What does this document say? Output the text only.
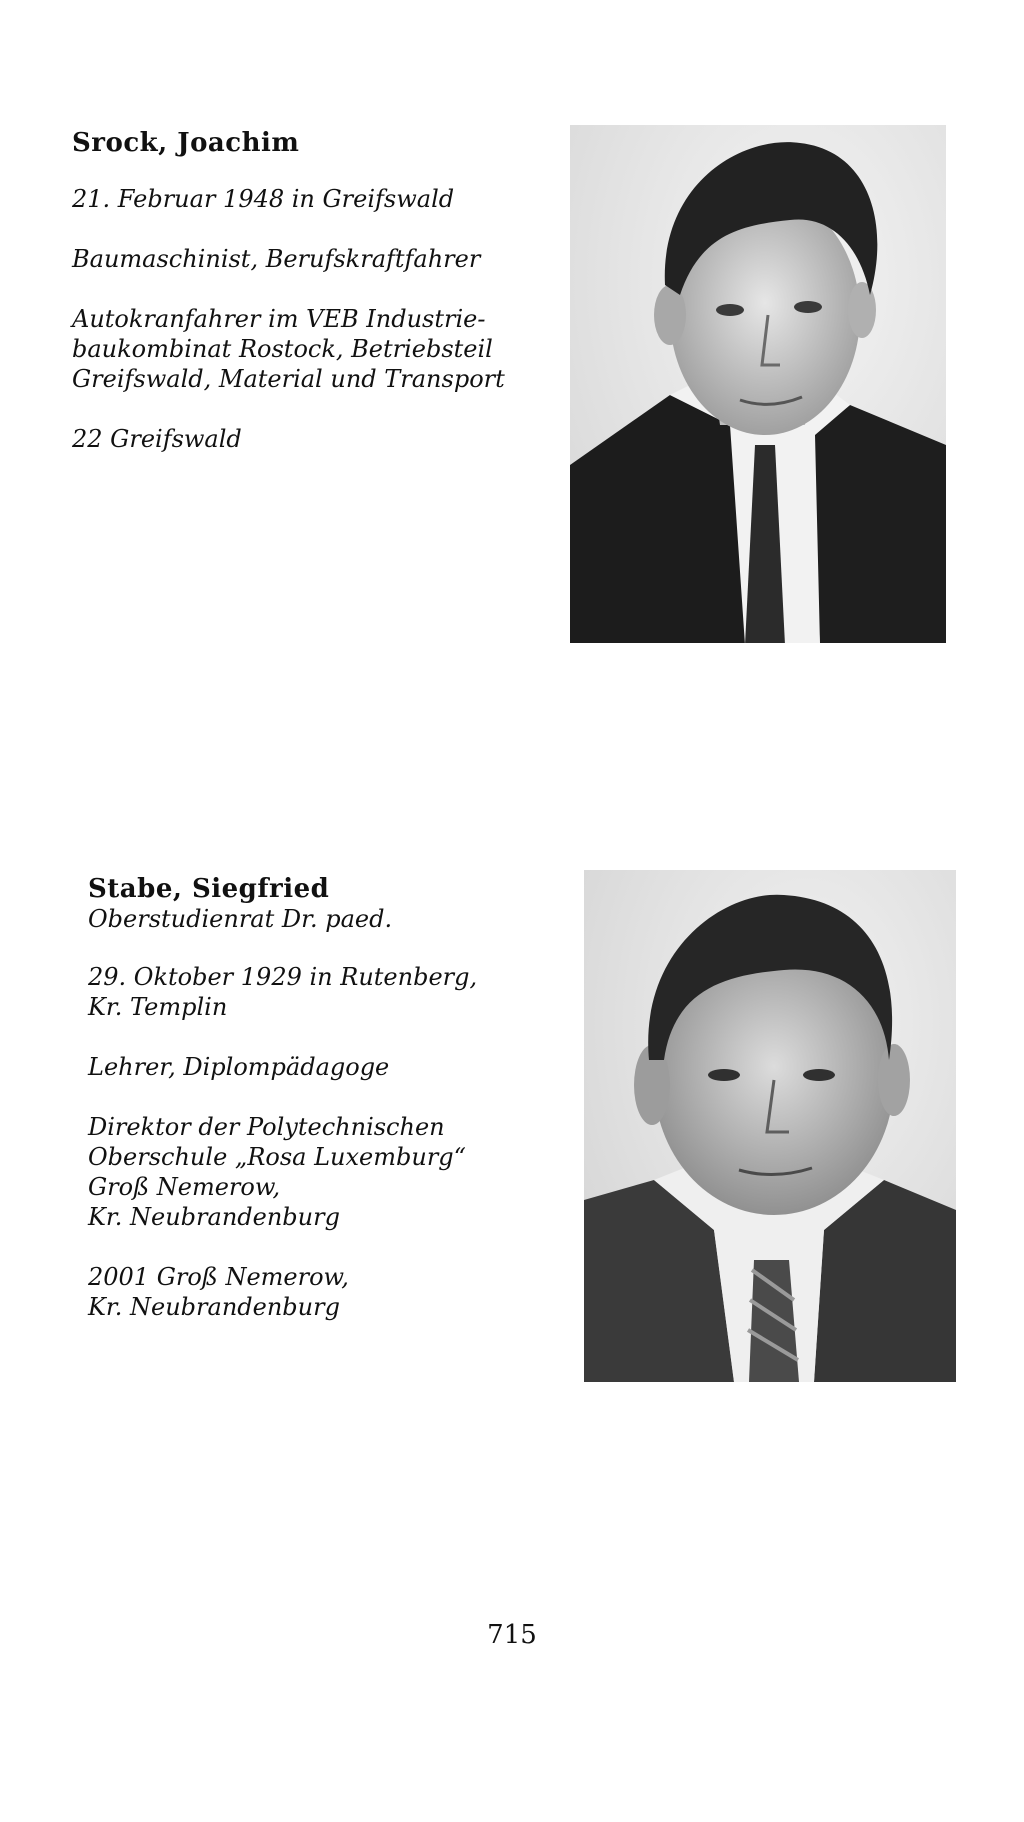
Srock, Joachim

21. Februar 1948 in Greifswald

Baumaschinist, Berufskraftfahrer

Autokranfahrer im VEB Industrie-

baukombinat Rostock, Betriebsteil

Greifswald, Material und Transport

22 Greifswald

Stabe, Siegfried

Oberstudienrat Dr. paed.

29. Oktober 1929 in Rutenberg,

Kr. Templin

Lehrer, Diplompädagoge

Direktor der Polytechnischen

Oberschule „Rosa Luxemburg“

Groß Nemerow,

Kr. Neubrandenburg

2001 Groß Nemerow,

Kr. Neubrandenburg

715
